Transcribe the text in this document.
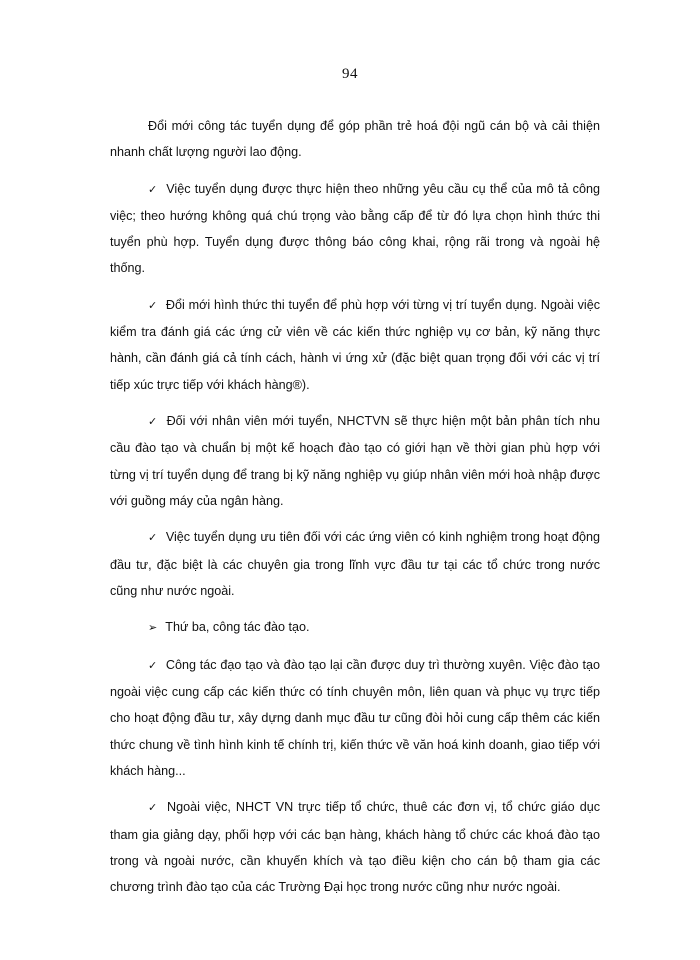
94

Đổi mới công tác tuyển dụng để góp phần trẻ hoá đội ngũ cán bộ và cải thiện nhanh chất lượng người lao động.

✓ Việc tuyển dụng được thực hiện theo những yêu cầu cụ thể của mô tả công việc; theo hướng không quá chú trọng vào bằng cấp để từ đó lựa chọn hình thức thi tuyển phù hợp. Tuyển dụng được thông báo công khai, rộng rãi trong và ngoài hệ thống.

✓ Đổi mới hình thức thi tuyển để phù hợp với từng vị trí tuyển dụng. Ngoài việc kiểm tra đánh giá các ứng cử viên về các kiến thức nghiệp vụ cơ bản, kỹ năng thực hành, cần đánh giá cả tính cách, hành vi ứng xử (đặc biệt quan trọng đối với các vị trí tiếp xúc trực tiếp với khách hàng®).

✓ Đối với nhân viên mới tuyển, NHCTVN sẽ thực hiện một bản phân tích nhu cầu đào tạo và chuẩn bị một kế hoạch đào tạo có giới hạn về thời gian phù hợp với từng vị trí tuyển dụng để trang bị kỹ năng nghiệp vụ giúp nhân viên mới hoà nhập được với guồng máy của ngân hàng.

✓ Việc tuyển dụng ưu tiên đối với các ứng viên có kinh nghiệm trong hoạt động đầu tư, đặc biệt là các chuyên gia trong lĩnh vực đầu tư tại các tổ chức trong nước cũng như nước ngoài.

➢ Thứ ba, công tác đào tạo.

✓ Công tác đạo tạo và đào tạo lại cần được duy trì thường xuyên. Việc đào tạo ngoài việc cung cấp các kiến thức có tính chuyên môn, liên quan và phục vụ trực tiếp cho hoạt động đầu tư, xây dựng danh mục đầu tư cũng đòi hỏi cung cấp thêm các kiến thức chung về tình hình kinh tế chính trị, kiến thức về văn hoá kinh doanh, giao tiếp với khách hàng...

✓ Ngoài việc, NHCT VN trực tiếp tổ chức, thuê các đơn vị, tổ chức giáo dục tham gia giảng dạy, phối hợp với các bạn hàng, khách hàng tổ chức các khoá đào tạo trong và ngoài nước, cần khuyến khích và tạo điều kiện cho cán bộ tham gia các chương trình đào tạo của các Trường Đại học trong nước cũng như nước ngoài.
